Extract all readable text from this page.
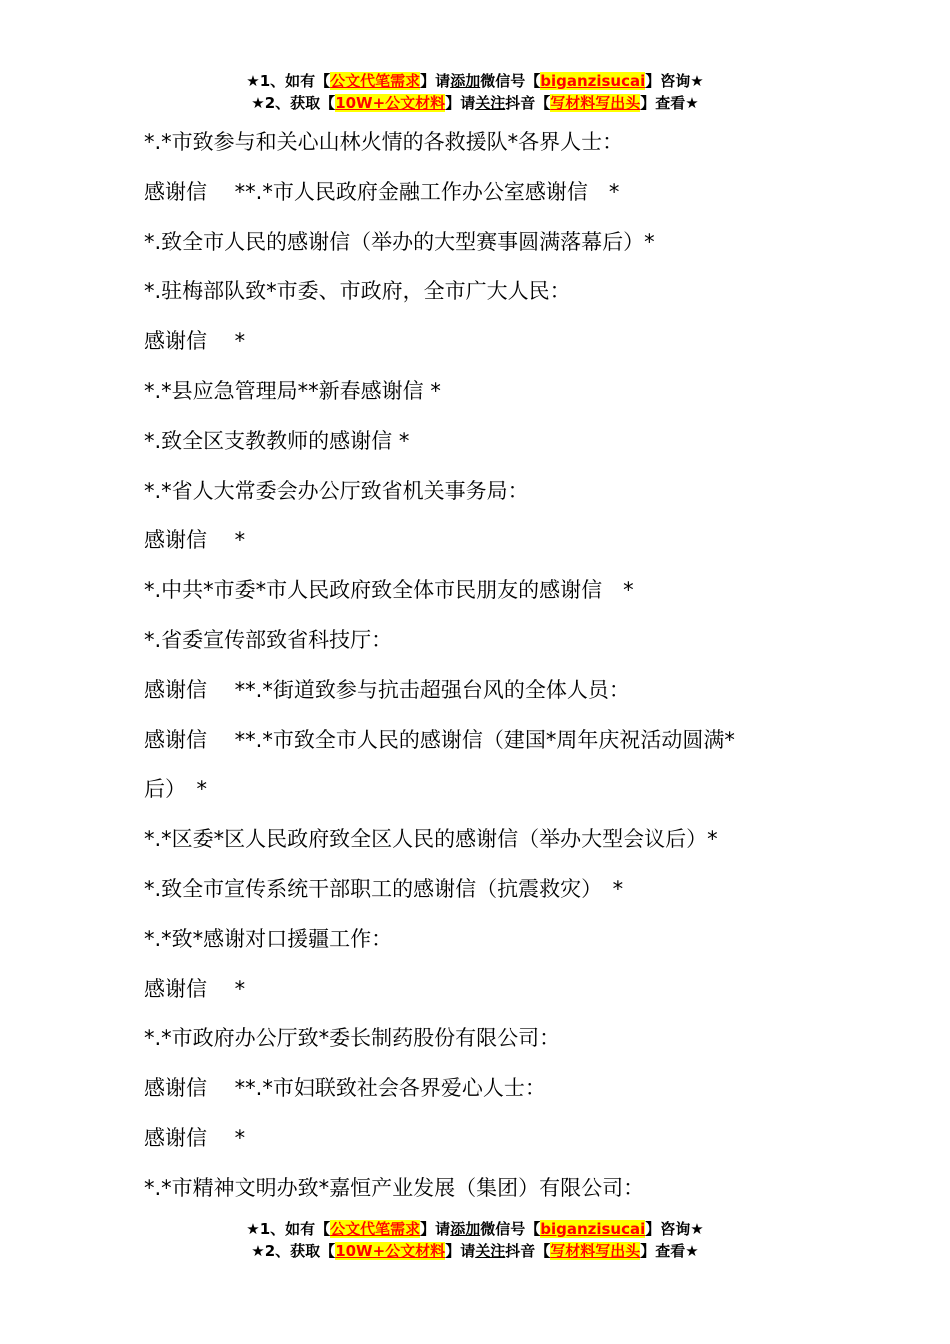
★1、如有【公文代笔需求】请添加微信号【biganzisucai】咨询★
★2、获取【10W+公文材料】请关注抖音【写材料写出头】查看★
*.*市致参与和关心山林火情的各救援队*各界人士：
感谢信　 **.*市人民政府金融工作办公室感谢信　*
*.致全市人民的感谢信（举办的大型赛事圆满落幕后）*
*.驻梅部队致*市委、市政府，全市广大人民：
感谢信　 *
*.*县应急管理局**新春感谢信 *
*.致全区支教教师的感谢信 *
*.*省人大常委会办公厅致省机关事务局：
感谢信　 *
*.中共*市委*市人民政府致全体市民朋友的感谢信　*
*.省委宣传部致省科技厅：
感谢信　 **.*街道致参与抗击超强台风的全体人员：
感谢信　 **.*市致全市人民的感谢信（建国*周年庆祝活动圆满*
后）　*
*.*区委*区人民政府致全区人民的感谢信（举办大型会议后）*
*.致全市宣传系统干部职工的感谢信（抗震救灾）　*
*.*致*感谢对口援疆工作：
感谢信　 *
*.*市政府办公厅致*委长制药股份有限公司：
感谢信　 **.*市妇联致社会各界爱心人士：
感谢信　 *
*.*市精神文明办致*嘉恒产业发展（集团）有限公司：
★1、如有【公文代笔需求】请添加微信号【biganzisucai】咨询★
★2、获取【10W+公文材料】请关注抖音【写材料写出头】查看★
